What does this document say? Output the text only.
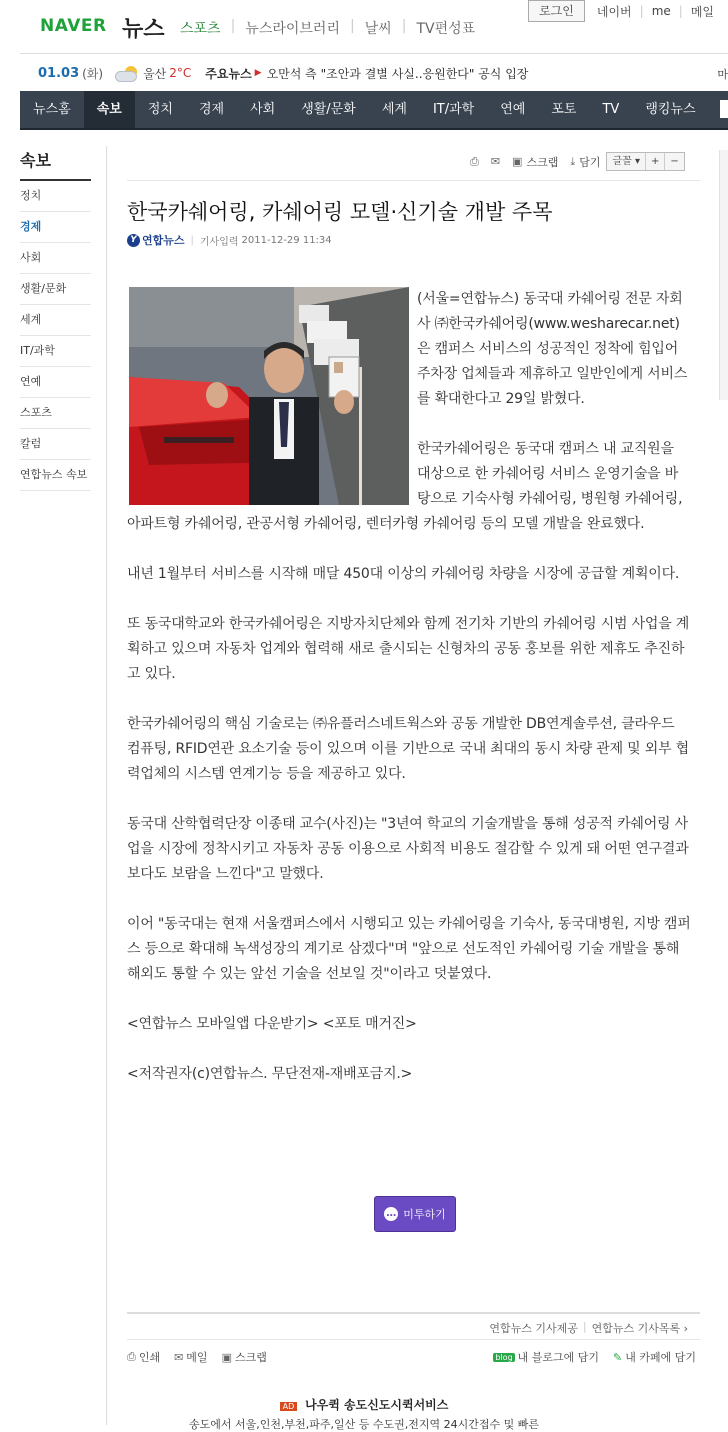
NAVER 뉴스 스포츠 | 뉴스라이브러리 | 날씨 | TV편성표
로그인	네이버 | me | 메일
01.03 (화)	울산 2°C 주요뉴스 ▶ 오만석 측 "조안과 결별 사실..응원한다" 공식 입장	마
뉴스홈	속보	정치	경제	사회	생활/문화	세계	IT/과학	연예	포토	TV	랭킹뉴스
속보
정치
경제
사회
생활/문화
세계
IT/과학
연예
스포츠
칼럼
연합뉴스 속보
⎙ ✉ ▣ 스크랩 ⤓ 담기	글꼴 ▾	+	−
한국카쉐어링, 카쉐어링 모델·신기술 개발 주목
Y 연합뉴스 | 기사입력 2011-12-29 11:34

(서울=연합뉴스) 동국대 카쉐어링 전문 자회사 ㈜한국카쉐어링(www.wesharecar.net)은 캠퍼스 서비스의 성공적인 정착에 힘입어 주차장 업체들과 제휴하고 일반인에게 서비스를 확대한다고 29일 밝혔다.

한국카쉐어링은 동국대 캠퍼스 내 교직원을 대상으로 한 카쉐어링 서비스 운영기술을 바탕으로 기숙사형 카쉐어링, 병원형 카쉐어링, 아파트형 카쉐어링, 관공서형 카쉐어링, 렌터카형 카쉐어링 등의 모델 개발을 완료했다.

내년 1월부터 서비스를 시작해 매달 450대 이상의 카쉐어링 차량을 시장에 공급할 계획이다.

또 동국대학교와 한국카쉐어링은 지방자치단체와 함께 전기차 기반의 카쉐어링 시범 사업을 계획하고 있으며 자동차 업계와 협력해 새로 출시되는 신형차의 공동 홍보를 위한 제휴도 추진하고 있다.

한국카쉐어링의 핵심 기술로는 ㈜유플러스네트웍스와 공동 개발한 DB연계솔루션, 클라우드 컴퓨팅, RFID연관 요소기술 등이 있으며 이를 기반으로 국내 최대의 동시 차량 관제 및 외부 협력업체의 시스템 연계기능 등을 제공하고 있다.

동국대 산학협력단장 이종태 교수(사진)는 "3년여 학교의 기술개발을 통해 성공적 카쉐어링 사업을 시장에 정착시키고 자동차 공동 이용으로 사회적 비용도 절감할 수 있게 돼 어떤 연구결과보다도 보람을 느낀다"고 말했다.

이어 "동국대는 현재 서울캠퍼스에서 시행되고 있는 카쉐어링을 기숙사, 동국대병원, 지방 캠퍼스 등으로 확대해 녹색성장의 계기로 삼겠다"며 "앞으로 선도적인 카쉐어링 기술 개발을 통해 해외도 통할 수 있는 앞선 기술을 선보일 것"이라고 덧붙였다.

<연합뉴스 모바일앱 다운받기> <포토 매거진>

<저작권자(c)연합뉴스. 무단전재-재배포금지.>

… 미투하기
연합뉴스 기사제공 | 연합뉴스 기사목록 ›
⎙ 인쇄 ✉ 메일 ▣ 스크랩	blog 내 블로그에 담기 ✎ 내 카페에 담기
AD 나우퀵 송도신도시퀵서비스
송도에서 서울,인천,부천,파주,일산 등 수도권,전지역 24시간접수 및 빠른
